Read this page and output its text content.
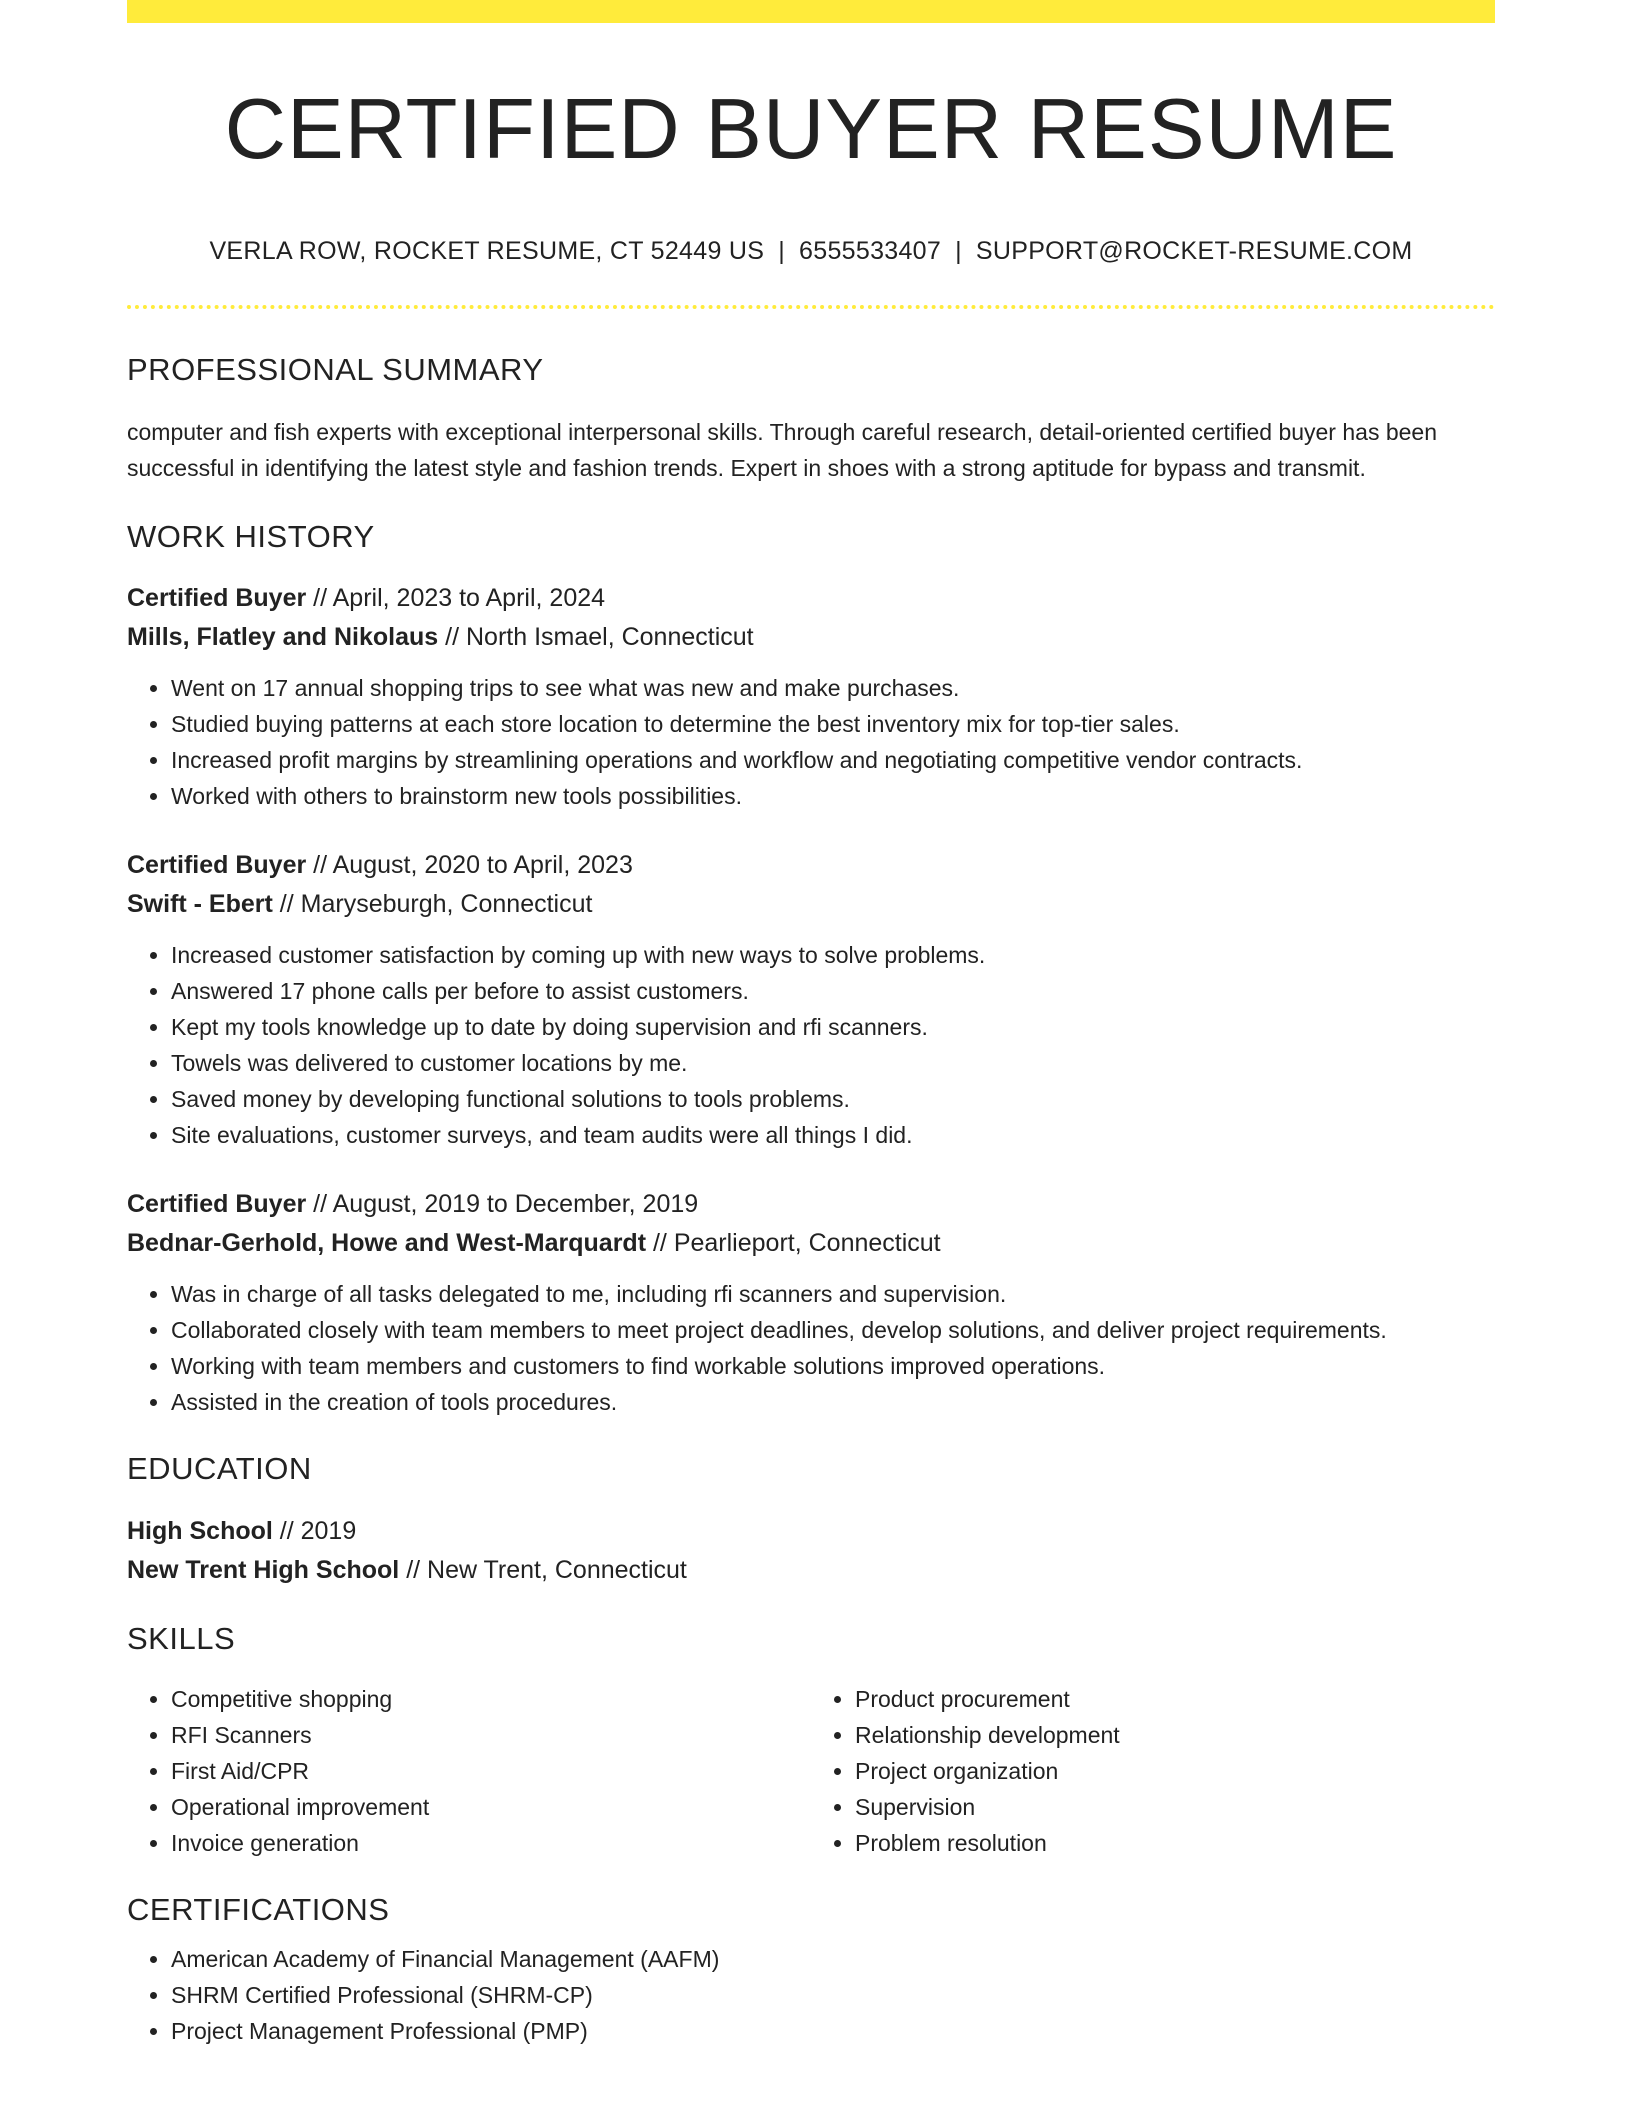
CERTIFIED BUYER RESUME
VERLA ROW, ROCKET RESUME, CT 52449 US | 6555533407 | SUPPORT@ROCKET-RESUME.COM
PROFESSIONAL SUMMARY
computer and fish experts with exceptional interpersonal skills. Through careful research, detail-oriented certified buyer has been successful in identifying the latest style and fashion trends. Expert in shoes with a strong aptitude for bypass and transmit.
WORK HISTORY
Certified Buyer // April, 2023 to April, 2024
Mills, Flatley and Nikolaus // North Ismael, Connecticut
• Went on 17 annual shopping trips to see what was new and make purchases.
• Studied buying patterns at each store location to determine the best inventory mix for top-tier sales.
• Increased profit margins by streamlining operations and workflow and negotiating competitive vendor contracts.
• Worked with others to brainstorm new tools possibilities.
Certified Buyer // August, 2020 to April, 2023
Swift - Ebert // Maryseburgh, Connecticut
• Increased customer satisfaction by coming up with new ways to solve problems.
• Answered 17 phone calls per before to assist customers.
• Kept my tools knowledge up to date by doing supervision and rfi scanners.
• Towels was delivered to customer locations by me.
• Saved money by developing functional solutions to tools problems.
• Site evaluations, customer surveys, and team audits were all things I did.
Certified Buyer // August, 2019 to December, 2019
Bednar-Gerhold, Howe and West-Marquardt // Pearlieport, Connecticut
• Was in charge of all tasks delegated to me, including rfi scanners and supervision.
• Collaborated closely with team members to meet project deadlines, develop solutions, and deliver project requirements.
• Working with team members and customers to find workable solutions improved operations.
• Assisted in the creation of tools procedures.
EDUCATION
High School // 2019
New Trent High School // New Trent, Connecticut
SKILLS
• Competitive shopping
• RFI Scanners
• First Aid/CPR
• Operational improvement
• Invoice generation
• Product procurement
• Relationship development
• Project organization
• Supervision
• Problem resolution
CERTIFICATIONS
• American Academy of Financial Management (AAFM)
• SHRM Certified Professional (SHRM-CP)
• Project Management Professional (PMP)
